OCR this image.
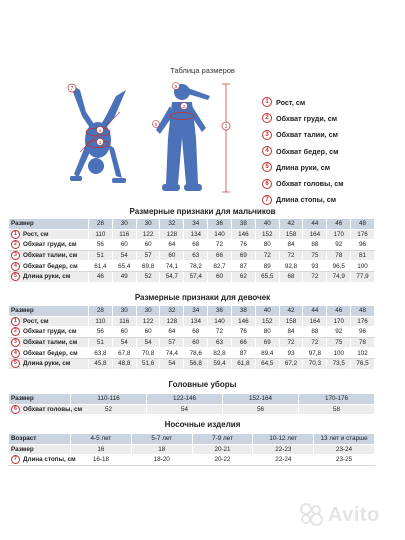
Таблица размеров
7
4
3
1
5
2
6
1	Рост, см
2	Обхват груди, см
3	Обхват талии, см
4	Обхват бедер, см
5	Длина руки, см
6	Обхват головы, см
7	Длина стопы, см
Размерные признаки для мальчиков
Размер	28	30	30	32	34	36	38	40	42	44	46	48
1 Рост, см	110	116	122	128	134	140	146	152	158	164	170	176
2 Обхват груди, см	56	60	60	64	68	72	76	80	84	88	92	96
3 Обхват талии, см	51	54	57	60	63	66	69	72	72	75	78	81
4 Обхват бедер, см	61,4	65,4	69,8	74,1	78,2	82,7	87	89	92,8	93	96,5	100
5 Длина руки, см	46	49	52	54,7	57,4	60	62	65,5	68	72	74,9	77,9
Размерные признаки для девочек
Размер	28	30	30	32	34	36	38	40	42	44	46	48
1 Рост, см	110	116	122	128	134	140	146	152	158	164	170	176
2 Обхват груди, см	56	60	60	64	68	72	76	80	84	88	92	96
3 Обхват талии, см	51	54	54	57	60	63	66	69	72	72	75	78
4 Обхват бедер, см	63,8	67,8	70,8	74,4	78,6	82,8	87	89,4	93	97,8	100	102
5 Длина руки, см	45,8	48,8	51,6	54	56,8	59,4	61,8	64,5	67,2	70,3	73,5	76,5
Головные уборы
Размер	110-116	122-146	152-164	170-176
6 Обхват головы, см	52	54	56	58
Носочные изделия
Возраст	4-5 лет	5-7 лет	7-9 лет	10-12 лет	13 лет и старше
Размер	16	18	20-21	22-23	23-24
7 Длина стопы, см	16-18	18-20	20-22	22-24	23-25
Avito
